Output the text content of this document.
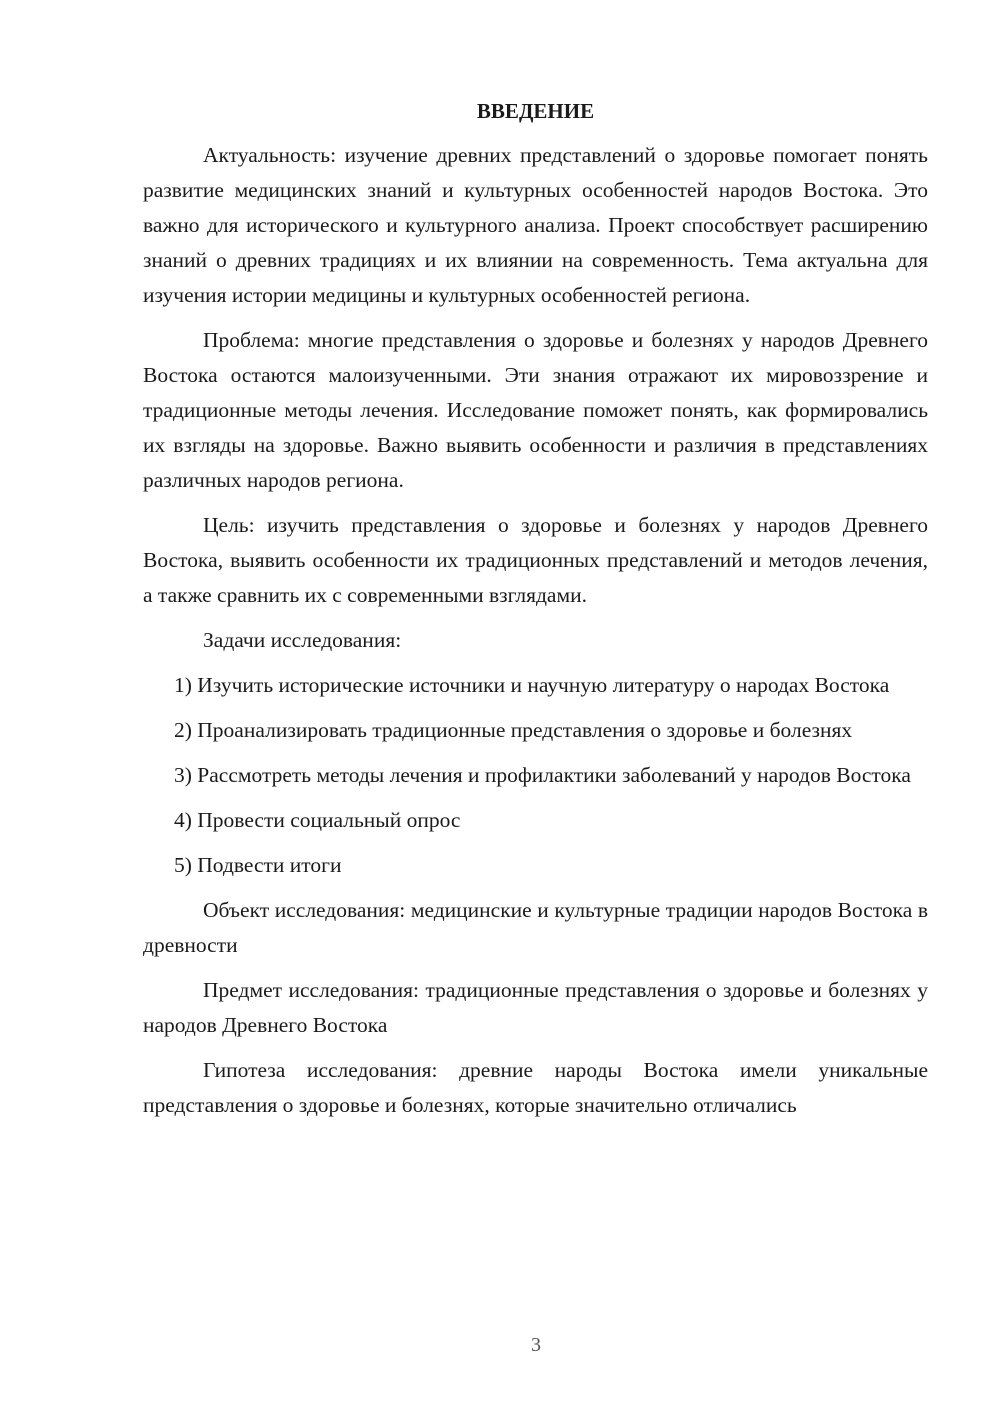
ВВЕДЕНИЕ

Актуальность: изучение древних представлений о здоровье помогает понять развитие медицинских знаний и культурных особенностей народов Востока. Это важно для исторического и культурного анализа. Проект способствует расширению знаний о древних традициях и их влиянии на современность. Тема актуальна для изучения истории медицины и культурных особенностей региона.

Проблема: многие представления о здоровье и болезнях у народов Древнего Востока остаются малоизученными. Эти знания отражают их мировоззрение и традиционные методы лечения. Исследование поможет понять, как формировались их взгляды на здоровье. Важно выявить особенности и различия в представлениях различных народов региона.

Цель: изучить представления о здоровье и болезнях у народов Древнего Востока, выявить особенности их традиционных представлений и методов лечения, а также сравнить их с современными взглядами.

Задачи исследования:

1) Изучить исторические источники и научную литературу о народах Востока

2) Проанализировать традиционные представления о здоровье и болезнях

3) Рассмотреть методы лечения и профилактики заболеваний у народов Востока

4) Провести социальный опрос

5) Подвести итоги

Объект исследования: медицинские и культурные традиции народов Востока в древности

Предмет исследования: традиционные представления о здоровье и болезнях у народов Древнего Востока

Гипотеза исследования: древние народы Востока имели уникальные представления о здоровье и болезнях, которые значительно отличались

3
